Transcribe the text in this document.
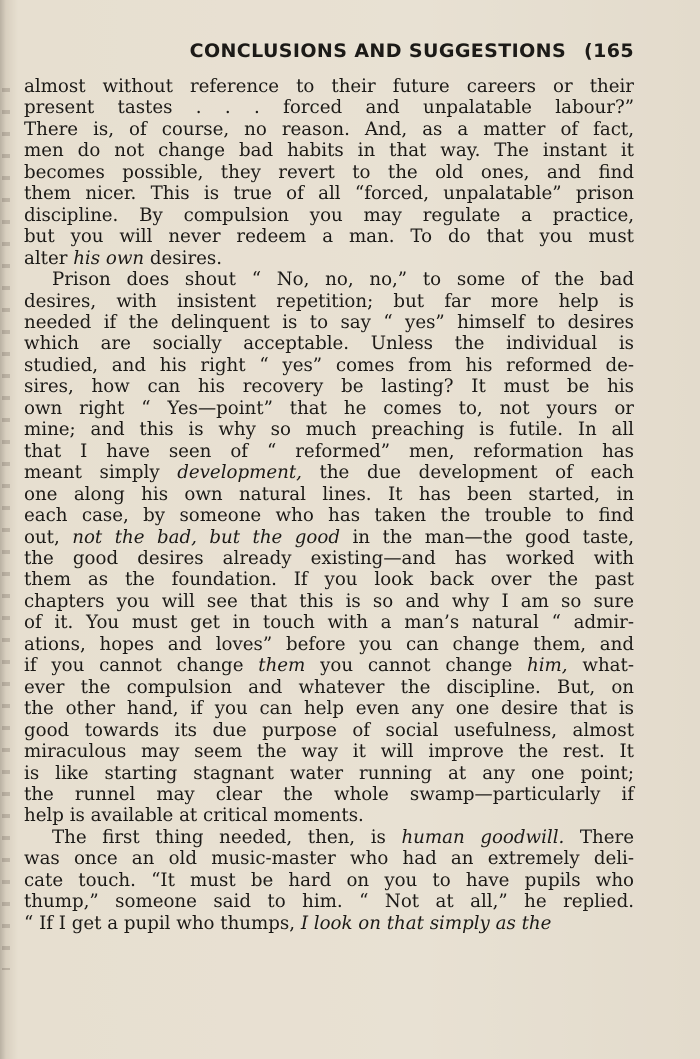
CONCLUSIONS AND SUGGESTIONS (165

almost without reference to their future careers or their
present tastes . . . forced and unpalatable labour?”
There is, of course, no reason. And, as a matter of fact,
men do not change bad habits in that way. The instant it
becomes possible, they revert to the old ones, and find
them nicer. This is true of all “forced, unpalatable” prison
discipline. By compulsion you may regulate a practice,
but you will never redeem a man. To do that you must
alter his own desires.

Prison does shout “ No, no, no,” to some of the bad
desires, with insistent repetition; but far more help is
needed if the delinquent is to say “ yes” himself to desires
which are socially acceptable. Unless the individual is
studied, and his right “ yes” comes from his reformed de-
sires, how can his recovery be lasting? It must be his
own right “ Yes—point” that he comes to, not yours or
mine; and this is why so much preaching is futile. In all
that I have seen of “ reformed” men, reformation has
meant simply development, the due development of each
one along his own natural lines. It has been started, in
each case, by someone who has taken the trouble to find
out, not the bad, but the good in the man—the good taste,
the good desires already existing—and has worked with
them as the foundation. If you look back over the past
chapters you will see that this is so and why I am so sure
of it. You must get in touch with a man’s natural “ admir-
ations, hopes and loves” before you can change them, and
if you cannot change them you cannot change him, what-
ever the compulsion and whatever the discipline. But, on
the other hand, if you can help even any one desire that is
good towards its due purpose of social usefulness, almost
miraculous may seem the way it will improve the rest. It
is like starting stagnant water running at any one point;
the runnel may clear the whole swamp—particularly if
help is available at critical moments.

The first thing needed, then, is human goodwill. There
was once an old music-master who had an extremely deli-
cate touch. “It must be hard on you to have pupils who
thump,” someone said to him. “ Not at all,” he replied.
“ If I get a pupil who thumps, I look on that simply as the
